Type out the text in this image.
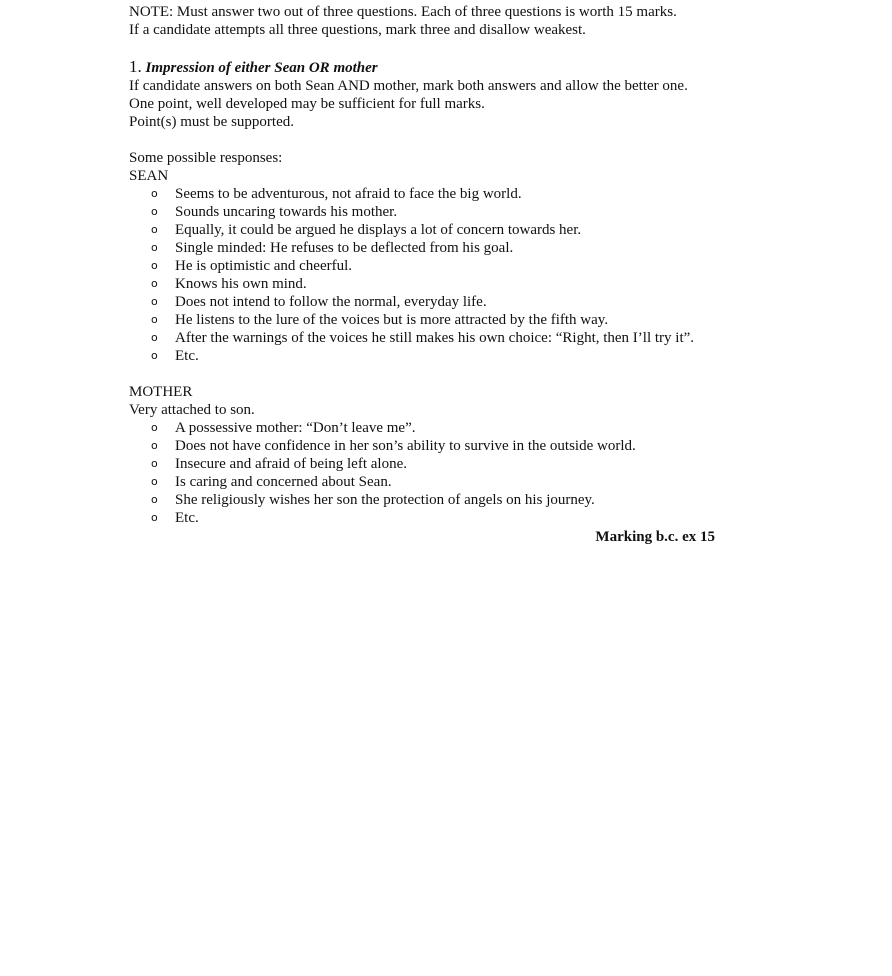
NOTE: Must answer two out of three questions. Each of three questions is worth 15 marks.
If a candidate attempts all three questions, mark three and disallow weakest.
1. Impression of either Sean OR mother
If candidate answers on both Sean AND mother, mark both answers and allow the better one.
One point, well developed may be sufficient for full marks.
Point(s) must be supported.
Some possible responses:
SEAN
o Seems to be adventurous, not afraid to face the big world.
o Sounds uncaring towards his mother.
o Equally, it could be argued he displays a lot of concern towards her.
o Single minded: He refuses to be deflected from his goal.
o He is optimistic and cheerful.
o Knows his own mind.
o Does not intend to follow the normal, everyday life.
o He listens to the lure of the voices but is more attracted by the fifth way.
o After the warnings of the voices he still makes his own choice: “Right, then I’ll try it”.
o Etc.
MOTHER
Very attached to son.
o A possessive mother: “Don’t leave me”.
o Does not have confidence in her son’s ability to survive in the outside world.
o Insecure and afraid of being left alone.
o Is caring and concerned about Sean.
o She religiously wishes her son the protection of angels on his journey.
o Etc.
Marking b.c. ex 15
